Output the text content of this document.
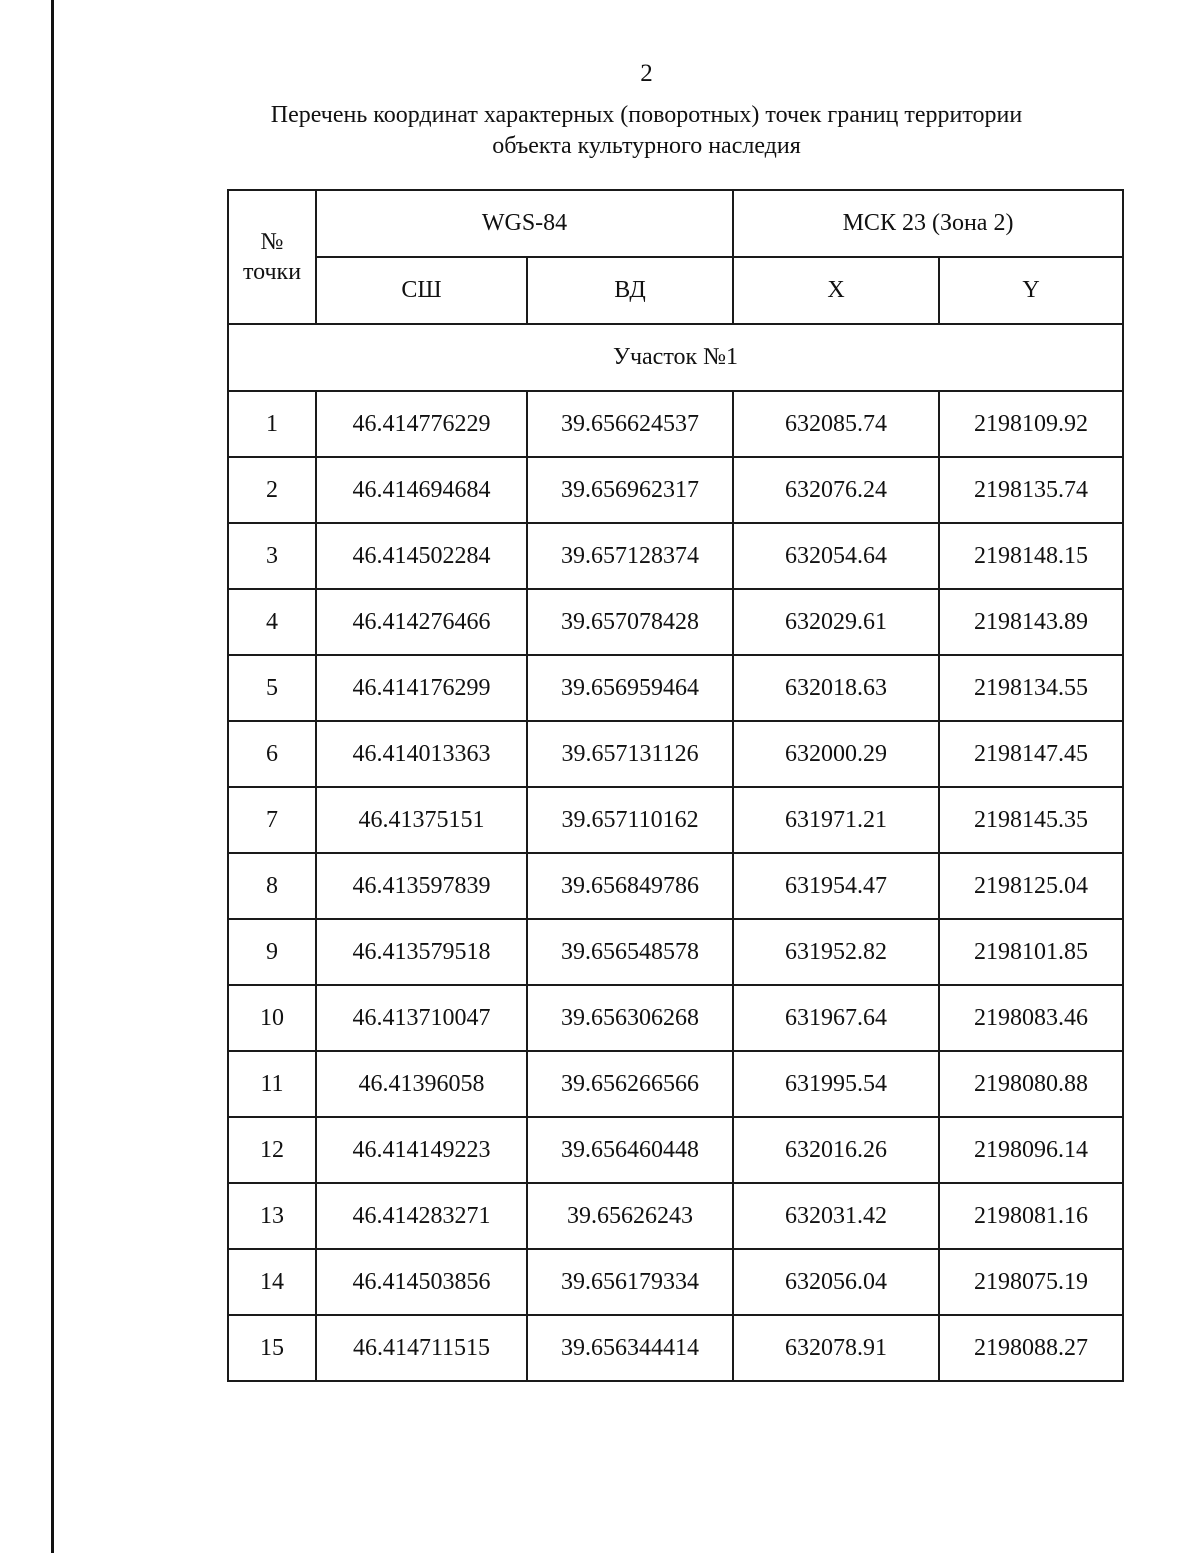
2
Перечень координат характерных (поворотных) точек границ территории
объекта культурного наследия
№
точки	WGS-84		МСК 23 (Зона 2)	
	СШ	ВД	X	Y
Участок №1				
1	46.414776229	39.656624537	632085.74	2198109.92
2	46.414694684	39.656962317	632076.24	2198135.74
3	46.414502284	39.657128374	632054.64	2198148.15
4	46.414276466	39.657078428	632029.61	2198143.89
5	46.414176299	39.656959464	632018.63	2198134.55
6	46.414013363	39.657131126	632000.29	2198147.45
7	46.41375151	39.657110162	631971.21	2198145.35
8	46.413597839	39.656849786	631954.47	2198125.04
9	46.413579518	39.656548578	631952.82	2198101.85
10	46.413710047	39.656306268	631967.64	2198083.46
11	46.41396058	39.656266566	631995.54	2198080.88
12	46.414149223	39.656460448	632016.26	2198096.14
13	46.414283271	39.65626243	632031.42	2198081.16
14	46.414503856	39.656179334	632056.04	2198075.19
15	46.414711515	39.656344414	632078.91	2198088.27
